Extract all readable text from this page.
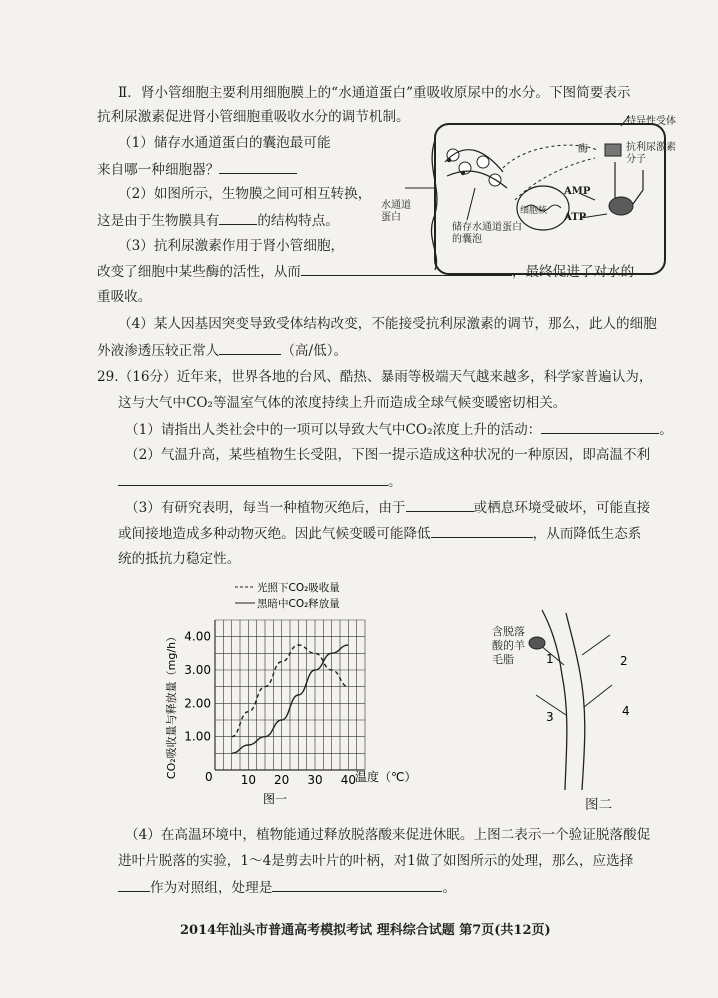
Ⅱ．肾小管细胞主要利用细胞膜上的“水通道蛋白”重吸收原尿中的水分。下图简要表示
抗利尿激素促进肾小管细胞重吸收水分的调节机制。
（1）储存水通道蛋白的囊泡最可能
来自哪一种细胞器？
（2）如图所示，生物膜之间可相互转换，
这是由于生物膜具有	的结构特点。
（3）抗利尿激素作用于肾小管细胞，
改变了细胞中某些酶的活性，从而	，最终促进了对水的
重吸收。
（4）某人因基因突变导致受体结构改变，不能接受抗利尿激素的调节，那么，此人的细胞
外液渗透压较正常人	（高/低）。
特异性受体
抗利尿激素分子
酶
AMP
ATP
细胞核
水通道蛋白
储存水通道蛋白的囊泡
29.（16分）近年来，世界各地的台风、酷热、暴雨等极端天气越来越多，科学家普遍认为，
这与大气中CO₂等温室气体的浓度持续上升而造成全球气候变暖密切相关。
（1）请指出人类社会中的一项可以导致大气中CO₂浓度上升的活动：	。
（2）气温升高，某些植物生长受阻，下图一提示造成这种状况的一种原因，即高温不利
。
（3）有研究表明，每当一种植物灭绝后，由于	或栖息环境受破坏，可能直接
或间接地造成多种动物灭绝。因此气候变暖可能降低	，从而降低生态系
统的抵抗力稳定性。
10 20 30 40
4.00
3.00
2.00
1.00
光照下CO₂吸收量
黑暗中CO₂释放量
CO₂吸收量与释放量（mg/h）	温度（℃）
0
图一
1	2
3	4
含脱落
酸的羊
毛脂
图二
（4）在高温环境中，植物能通过释放脱落酸来促进休眠。上图二表示一个验证脱落酸促
进叶片脱落的实验，1～4是剪去叶片的叶柄，对1做了如图所示的处理，那么，应选择
作为对照组，处理是	。
2014年汕头市普通高考模拟考试 理科综合试题 第7页(共12页)
